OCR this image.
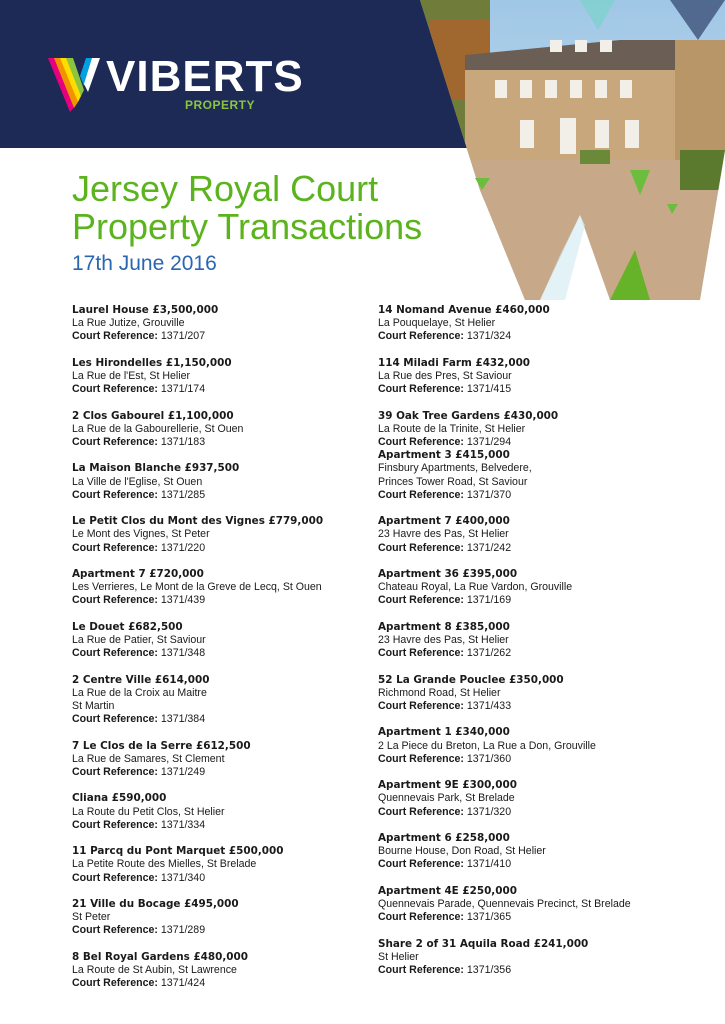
VIBERTS
PROPERTY
Jersey Royal Court
Property Transactions
17th June 2016
Laurel House £3,500,000
La Rue Jutize, Grouville
Court Reference: 1371/207
Les Hirondelles £1,150,000
La Rue de l'Est, St Helier
Court Reference: 1371/174
2 Clos Gabourel £1,100,000
La Rue de la Gabourellerie, St Ouen
Court Reference: 1371/183
La Maison Blanche £937,500
La Ville de l'Eglise, St Ouen
Court Reference: 1371/285
Le Petit Clos du Mont des Vignes £779,000
Le Mont des Vignes, St Peter
Court Reference: 1371/220
Apartment 7 £720,000
Les Verrieres, Le Mont de la Greve de Lecq, St Ouen
Court Reference: 1371/439
Le Douet £682,500
La Rue de Patier, St Saviour
Court Reference: 1371/348
2 Centre Ville £614,000
La Rue de la Croix au Maitre
St Martin
Court Reference: 1371/384
7 Le Clos de la Serre £612,500
La Rue de Samares, St Clement
Court Reference: 1371/249
Cliana £590,000
La Route du Petit Clos, St Helier
Court Reference: 1371/334
11 Parcq du Pont Marquet £500,000
La Petite Route des Mielles, St Brelade
Court Reference: 1371/340
21 Ville du Bocage £495,000
St Peter
Court Reference: 1371/289
8 Bel Royal Gardens £480,000
La Route de St Aubin, St Lawrence
Court Reference: 1371/424
14 Nomand Avenue £460,000
La Pouquelaye, St Helier
Court Reference: 1371/324
114 Miladi Farm £432,000
La Rue des Pres, St Saviour
Court Reference: 1371/415
39 Oak Tree Gardens £430,000
La Route de la Trinite, St Helier
Court Reference: 1371/294
Apartment 3 £415,000
Finsbury Apartments, Belvedere,
Princes Tower Road, St Saviour
Court Reference: 1371/370
Apartment 7 £400,000
23 Havre des Pas, St Helier
Court Reference: 1371/242
Apartment 36 £395,000
Chateau Royal, La Rue Vardon, Grouville
Court Reference: 1371/169
Apartment 8 £385,000
23 Havre des Pas, St Helier
Court Reference: 1371/262
52 La Grande Pouclee £350,000
Richmond Road, St Helier
Court Reference: 1371/433
Apartment 1 £340,000
2 La Piece du Breton, La Rue a Don, Grouville
Court Reference: 1371/360
Apartment 9E £300,000
Quennevais Park, St Brelade
Court Reference: 1371/320
Apartment 6 £258,000
Bourne House, Don Road, St Helier
Court Reference: 1371/410
Apartment 4E £250,000
Quennevais Parade, Quennevais Precinct, St Brelade
Court Reference: 1371/365
Share 2 of 31 Aquila Road £241,000
St Helier
Court Reference: 1371/356
